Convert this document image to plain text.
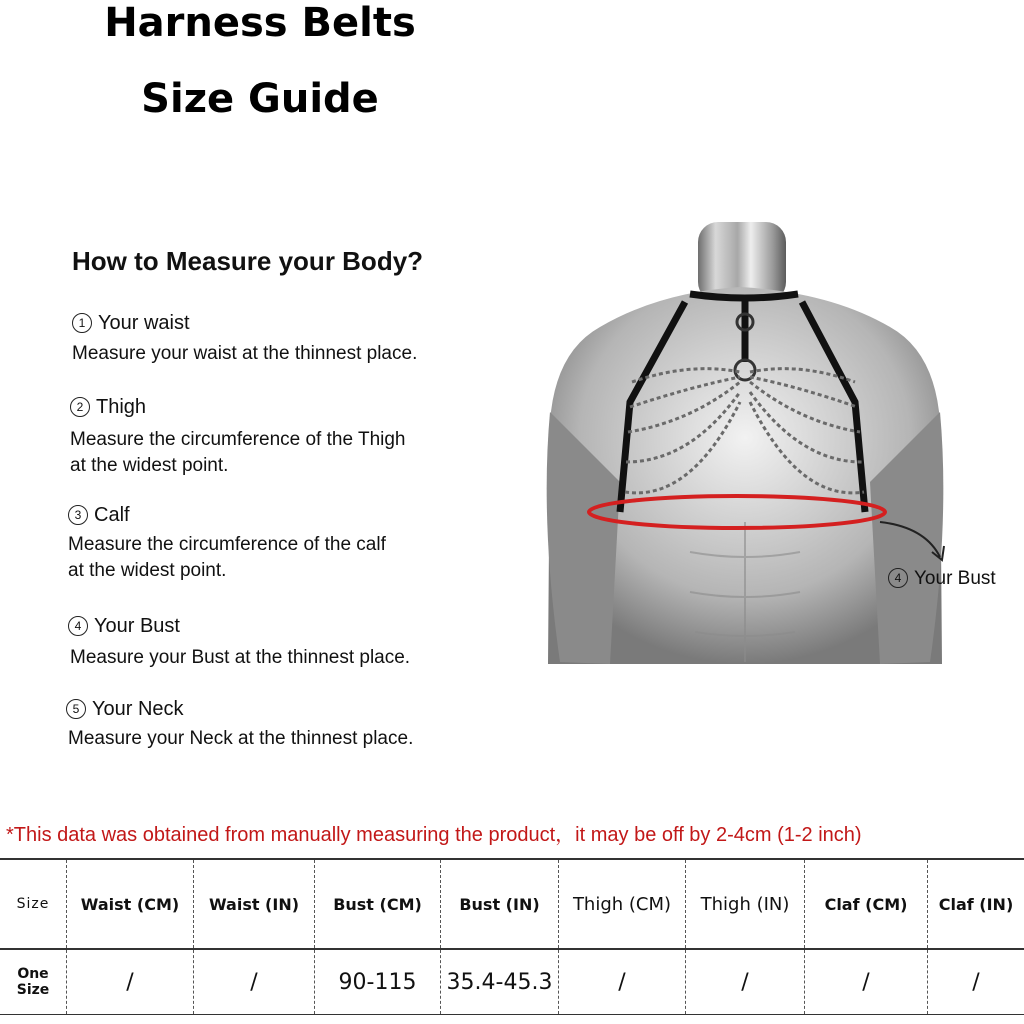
Harness Belts
Size Guide
How to Measure your Body?
1 Your waist
Measure your waist at the thinnest place.
2 Thigh
Measure the circumference of the Thigh
at the widest point.
3 Calf
Measure the circumference of the calf
at the widest point.
4 Your Bust
Measure your Bust at the thinnest place.
5 Your Neck
Measure your Neck at the thinnest place.
4 Your Bust
*This data was obtained from manually measuring the product，it may be off by 2-4cm (1-2 inch)
Size	Waist (CM)	Waist (IN)	Bust (CM)	Bust (IN)	Thigh (CM)	Thigh (IN)	Claf (CM)	Claf (IN)
One Size	/	/	90-115	35.4-45.3	/	/	/	/
